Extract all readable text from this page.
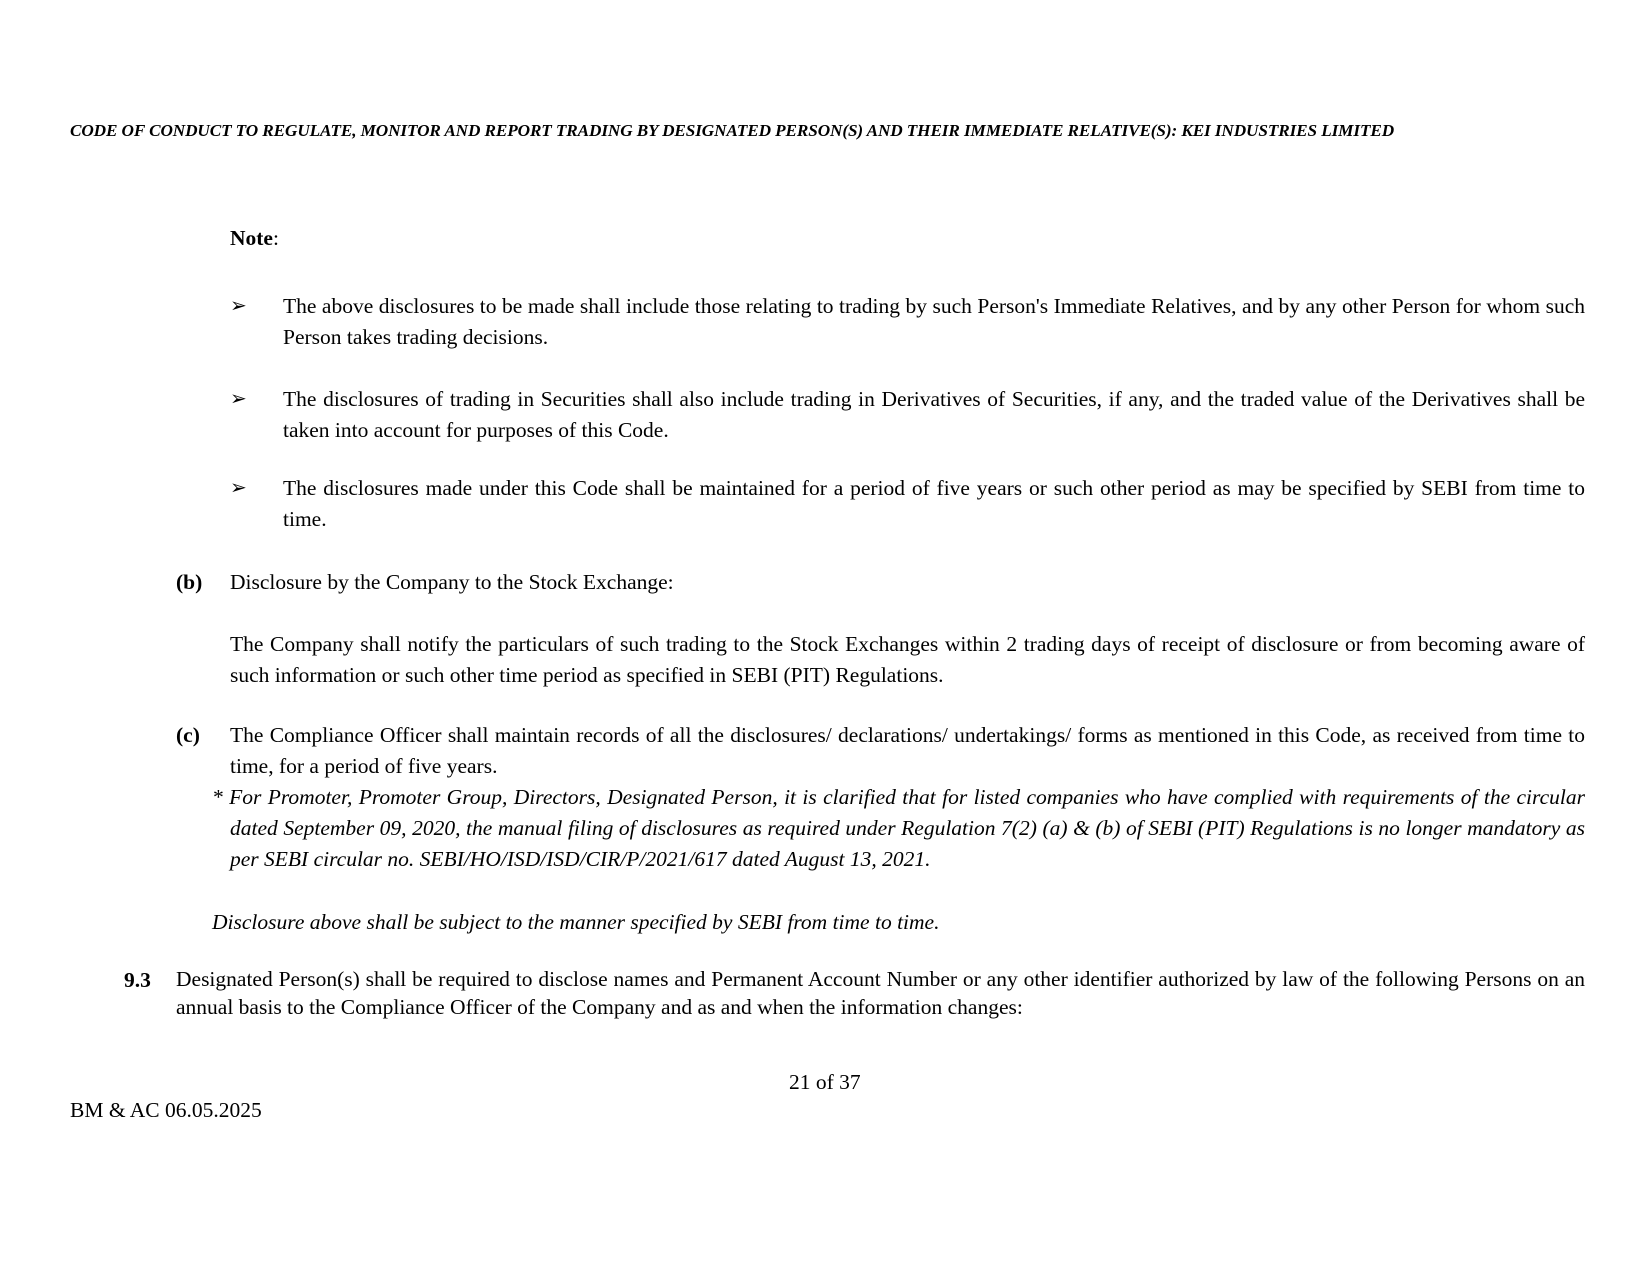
CODE OF CONDUCT TO REGULATE, MONITOR AND REPORT TRADING BY DESIGNATED PERSON(S) AND THEIR IMMEDIATE RELATIVE(S): KEI INDUSTRIES LIMITED
Note:
➢ The above disclosures to be made shall include those relating to trading by such Person's Immediate Relatives, and by any other Person for whom such Person takes trading decisions.
➢ The disclosures of trading in Securities shall also include trading in Derivatives of Securities, if any, and the traded value of the Derivatives shall be taken into account for purposes of this Code.
➢ The disclosures made under this Code shall be maintained for a period of five years or such other period as may be specified by SEBI from time to time.
(b) Disclosure by the Company to the Stock Exchange:
The Company shall notify the particulars of such trading to the Stock Exchanges within 2 trading days of receipt of disclosure or from becoming aware of such information or such other time period as specified in SEBI (PIT) Regulations.
(c) The Compliance Officer shall maintain records of all the disclosures/ declarations/ undertakings/ forms as mentioned in this Code, as received from time to time, for a period of five years.
* For Promoter, Promoter Group, Directors, Designated Person, it is clarified that for listed companies who have complied with requirements of the circular dated September 09, 2020, the manual filing of disclosures as required under Regulation 7(2) (a) & (b) of SEBI (PIT) Regulations is no longer mandatory as per SEBI circular no. SEBI/HO/ISD/ISD/CIR/P/2021/617 dated August 13, 2021.
Disclosure above shall be subject to the manner specified by SEBI from time to time.
9.3 Designated Person(s) shall be required to disclose names and Permanent Account Number or any other identifier authorized by law of the following Persons on an annual basis to the Compliance Officer of the Company and as and when the information changes:
21 of 37
BM & AC 06.05.2025
